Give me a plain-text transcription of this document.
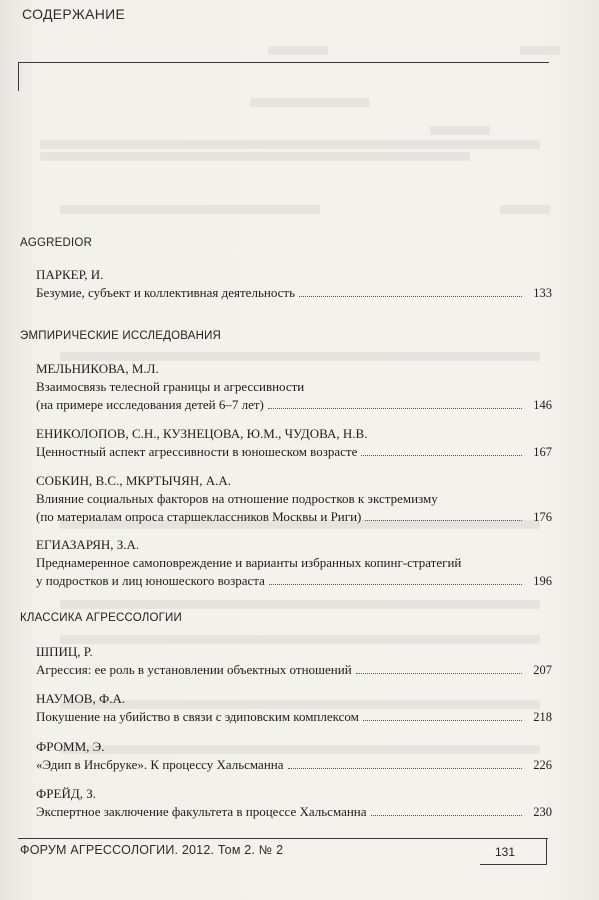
СОДЕРЖАНИЕ
AGGREDIOR
ПАРКЕР, И.
Безумие, субъект и коллективная деятельность	133
ЭМПИРИЧЕСКИЕ ИССЛЕДОВАНИЯ
МЕЛЬНИКОВА, М.Л.
Взаимосвязь телесной границы и агрессивности
(на примере исследования детей 6–7 лет)	146
ЕНИКОЛОПОВ, С.Н., КУЗНЕЦОВА, Ю.М., ЧУДОВА, Н.В.
Ценностный аспект агрессивности в юношеском возрасте	167
СОБКИН, В.С., МКРТЫЧЯН, А.А.
Влияние социальных факторов на отношение подростков к экстремизму
(по материалам опроса старшеклассников Москвы и Риги)	176
ЕГИАЗАРЯН, З.А.
Преднамеренное самоповреждение и варианты избранных копинг-стратегий
у подростков и лиц юношеского возраста	196
КЛАССИКА АГРЕССОЛОГИИ
ШПИЦ, Р.
Агрессия: ее роль в установлении объектных отношений	207
НАУМОВ, Ф.А.
Покушение на убийство в связи с эдиповским комплексом	218
ФРОММ, Э.
«Эдип в Инсбруке». К процессу Хальсманна	226
ФРЕЙД, З.
Экспертное заключение факультета в процессе Хальсманна	230
ФОРУМ АГРЕССОЛОГИИ. 2012. Том 2. № 2	131
